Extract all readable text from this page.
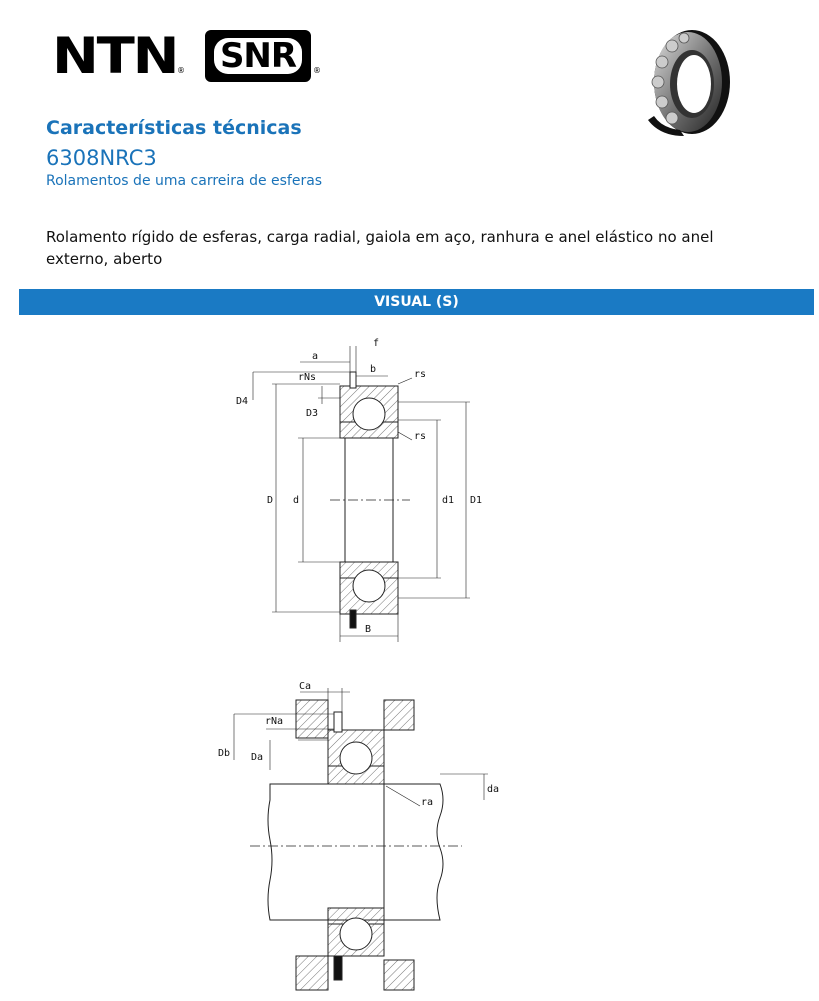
NTN ® SNR	®
Características técnicas
6308NRC3
Rolamentos de uma carreira de esferas

Rolamento rígido de esferas, carga radial, gaiola em aço, ranhura e anel elástico no anel externo, aberto

VISUAL (S)
a
f
b
rNs	rs
rs
D4
D3
D d	d1 D1
B
Ca
rNa
Db Da
da
ra
